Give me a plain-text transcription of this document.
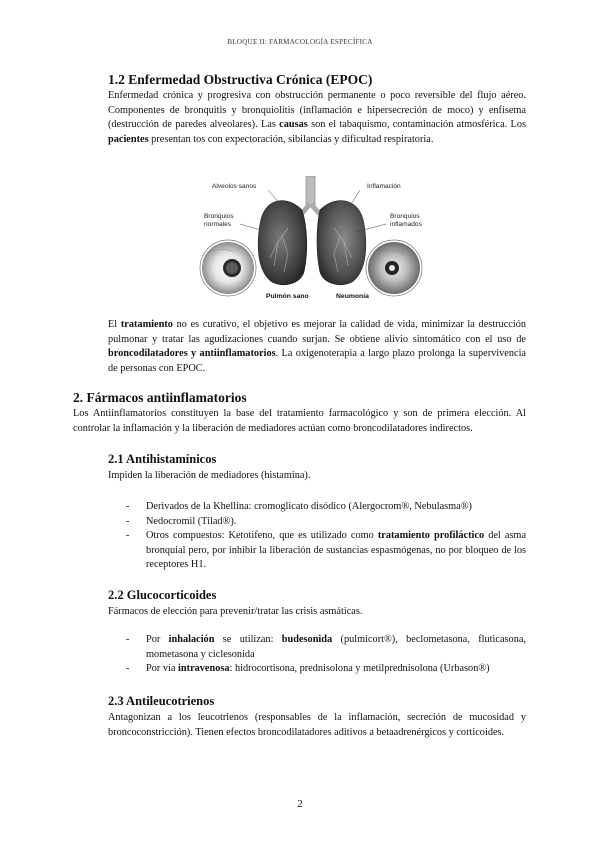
BLOQUE II: FARMACOLOGÍA ESPECÍFICA
1.2 Enfermedad Obstructiva Crónica (EPOC)

Enfermedad crónica y progresiva con obstrucción permanente o poco reversible del flujo aéreo. Componentes de bronquitis y bronquiolitis (inflamación e hipersecreción de moco) y enfisema (destrucción de paredes alveolares). Las causas son el tabaquismo, contaminación atmosférica. Los pacientes presentan tos con expectoración, sibilancias y dificultad respiratoria.

Alveolos sanos	Inflamación
Bronquios
normales
Bronquios
inflamados
Pulmón sano	Neumonía

El tratamiento no es curativo, el objetivo es mejorar la calidad de vida, minimizar la destrucción pulmonar y tratar las agudizaciones cuando surjan. Se obtiene alivio sintomático con el uso de broncodilatadores y antiinflamatorios. La oxigenoterapia a largo plazo prolonga la supervivencia de personas con EPOC.

2. Fármacos antiinflamatorios

Los Antiinflamatorios constituyen la base del tratamiento farmacológico y son de primera elección. Al controlar la inflamación y la liberación de mediadores actúan como broncodilatadores indirectos.

2.1 Antihistamínicos

Impiden la liberación de mediadores (histamina).

- Derivados de la Khellina: cromoglicato disódico (Alergocrom®, Nebulasma®)
- Nedocromil (Tilad®).
- Otros compuestos: Ketotifeno, que es utilizado como tratamiento profiláctico del asma bronquial pero, por inhibir la liberación de sustancias espasmógenas, no por bloqueo de los receptores H1.
2.2 Glucocorticoides

Fármacos de elección para prevenir/tratar las crisis asmáticas.

- Por inhalación se utilizan: budesonida (pulmicort®), beclometasona, fluticasona, mometasona y ciclesonida
- Por vía intravenosa: hidrocortisona, prednisolona y metilprednisolona (Urbason®)
2.3 Antileucotrienos

Antagonizan a los leucotrienos (responsables de la inflamación, secreción de mucosidad y broncoconstricción). Tienen efectos broncodilatadores aditivos a betaadrenérgicos y corticoides.

2
